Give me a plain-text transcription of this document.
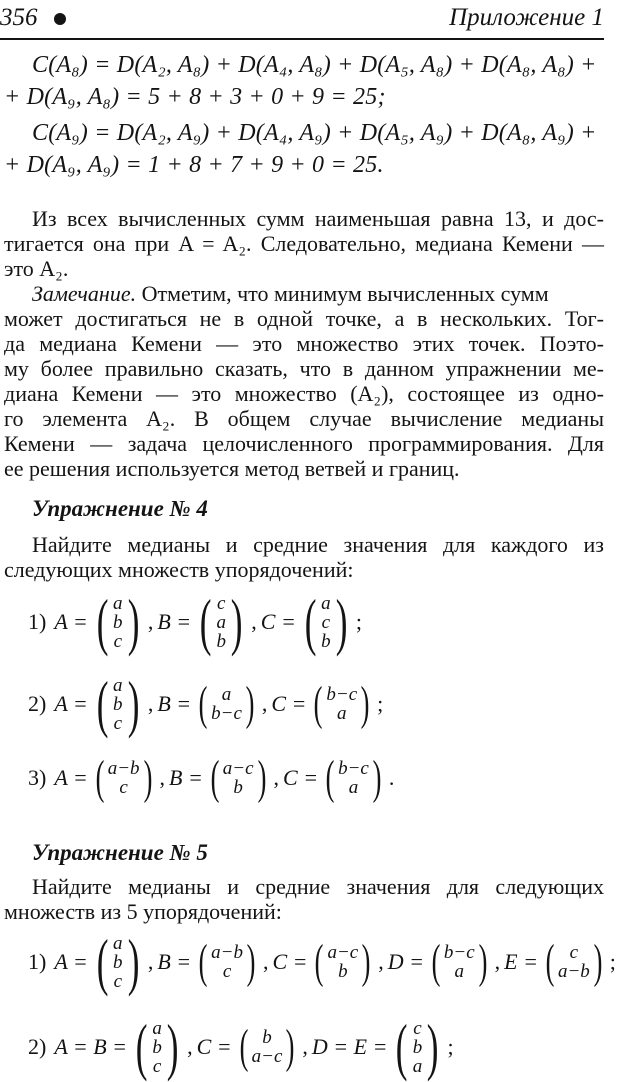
356	Приложение 1
C(A₈) = D(A₂, A₈) + D(A₄, A₈) + D(A₅, A₈) + D(A₈, A₈) +
+ D(A₉, A₈) = 5 + 8 + 3 + 0 + 9 = 25;
C(A₉) = D(A₂, A₉) + D(A₄, A₉) + D(A₅, A₉) + D(A₈, A₉) +
+ D(A₉, A₉) = 1 + 8 + 7 + 9 + 0 = 25.
Из всех вычисленных сумм наименьшая равна 13, и дос-
тигается она при A = A₂. Следовательно, медиана Кемени —
это A₂.
Замечание. Отметим, что минимум вычисленных сумм
может достигаться не в одной точке, а в нескольких. Тог-
да медиана Кемени — это множество этих точек. Поэто-
му более правильно сказать, что в данном упражнении ме-
диана Кемени — это множество (A₂), состоящее из одно-
го элемента A₂. В общем случае вычисление медианы
Кемени — задача целочисленного программирования. Для
ее решения используется метод ветвей и границ.
Упражнение № 4
Найдите медианы и средние значения для каждого из
следующих множеств упорядочений:
1) A = ( a
b
c ) , B = ( c
a
b ) , C = ( a
c
b ) ;
2) A = ( a
b
c ) , B = ( a
b−c ) , C = ( b−c
a ) ;
3) A = ( a−b
c ) , B = ( a−c
b ) , C = ( b−c
a ) .
Упражнение № 5
Найдите медианы и средние значения для следующих
множеств из 5 упорядочений:
1) A = ( a
b
c ) , B = ( a−b
c ) , C = ( a−c
b ) , D = ( b−c
a ) , E = ( c
a−b ) ;
2) A = B = ( a
b
c ) , C = ( b
a−c ) , D = E = ( c
b
a ) ;
